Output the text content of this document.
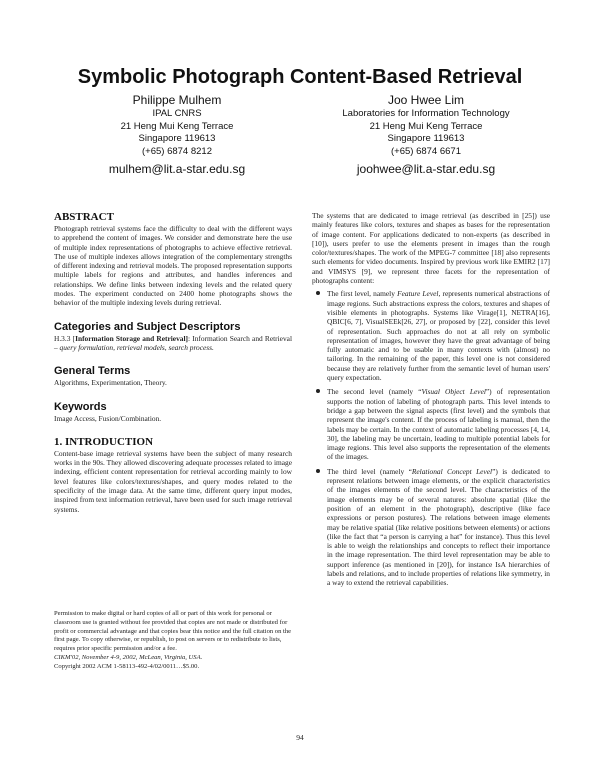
Symbolic Photograph Content-Based Retrieval
Philippe Mulhem
IPAL CNRS
21 Heng Mui Keng Terrace
Singapore 119613
(+65) 6874 8212
mulhem@lit.a-star.edu.sg
Joo Hwee Lim
Laboratories for Information Technology
21 Heng Mui Keng Terrace
Singapore 119613
(+65) 6874 6671
joohwee@lit.a-star.edu.sg
ABSTRACT
Photograph retrieval systems face the difficulty to deal with the different ways to apprehend the content of images. We consider and demonstrate here the use of multiple index representations of photographs to achieve effective retrieval. The use of multiple indexes allows integration of the complementary strengths of different indexing and retrieval models. The proposed representation supports multiple labels for regions and attributes, and handles inferences and relationships. We define links between indexing levels and the related query modes. The experiment conducted on 2400 home photographs shows the behavior of the multiple indexing levels during retrieval.
Categories and Subject Descriptors
H.3.3 [Information Storage and Retrieval]: Information Search and Retrieval – query formulation, retrieval models, search process.
General Terms
Algorithms, Experimentation, Theory.
Keywords
Image Access, Fusion/Combination.
1. INTRODUCTION
Content-base image retrieval systems have been the subject of many research works in the 90s. They allowed discovering adequate processes related to image indexing, efficient content representation for retrieval according mainly to low level features like colors/textures/shapes, and query modes related to the specificity of the image data. At the same time, different query input modes, inspired from text information retrieval, have been used for such image retrieval systems.
Permission to make digital or hard copies of all or part of this work for personal or classroom use is granted without fee provided that copies are not made or distributed for profit or commercial advantage and that copies bear this notice and the full citation on the first page. To copy otherwise, or republish, to post on servers or to redistribute to lists, requires prior specific permission and/or a fee.
CIKM'02, November 4-9, 2002, McLean, Virginia, USA.
Copyright 2002 ACM 1-58113-492-4/02/0011…$5.00.
The systems that are dedicated to image retrieval (as described in [25]) use mainly features like colors, textures and shapes as bases for the representation of image content. For applications dedicated to non-experts (as described in [10]), users prefer to use the elements present in images than the rough color/textures/shapes. The work of the MPEG-7 committee [18] also represents such elements for video documents. Inspired by previous work like EMIR2 [17] and VIMSYS [9], we represent three facets for the representation of photographs content:
The first level, namely Feature Level, represents numerical abstractions of image regions. Such abstractions express the colors, textures and shapes of visible elements in photographs. Systems like Virage[1], NETRA[16], QBIC[6, 7], VisualSEEk[26, 27], or proposed by [22], consider this level of representation. Such approaches do not at all rely on symbolic representation of images, however they have the great advantage of being fully automatic and to be usable in many contexts with (almost) no tailoring. In the remaining of the paper, this level one is not considered because they are relatively further from the semantic level of human users' query expectation.
The second level (namely “Visual Object Level”) of representation supports the notion of labeling of photograph parts. This level intends to bridge a gap between the signal aspects (first level) and the symbols that represent the image's content. If the process of labeling is manual, then the labels may be certain. In the context of automatic labeling processes [4, 14, 30], the labeling may be uncertain, leading to multiple potential labels for image regions. This level also supports the representation of the elements of the images.
The third level (namely “Relational Concept Level”) is dedicated to represent relations between image elements, or the explicit characteristics of the images elements of the second level. The characteristics of the image elements may be of several natures: absolute spatial (like the position of an element in the photograph), descriptive (like face expressions or person postures). The relations between image elements may be relative spatial (like relative positions between elements) or actions (like the fact that “a person is carrying a hat” for instance). Thus this level is able to weigh the relationships and concepts to reflect their importance in the image representation. The third level representation may be able to support inference (as mentioned in [20]), for instance IsA hierarchies of labels and relations, and to include properties of relations like symmetry, in a way to extend the retrieval capabilities.
94
